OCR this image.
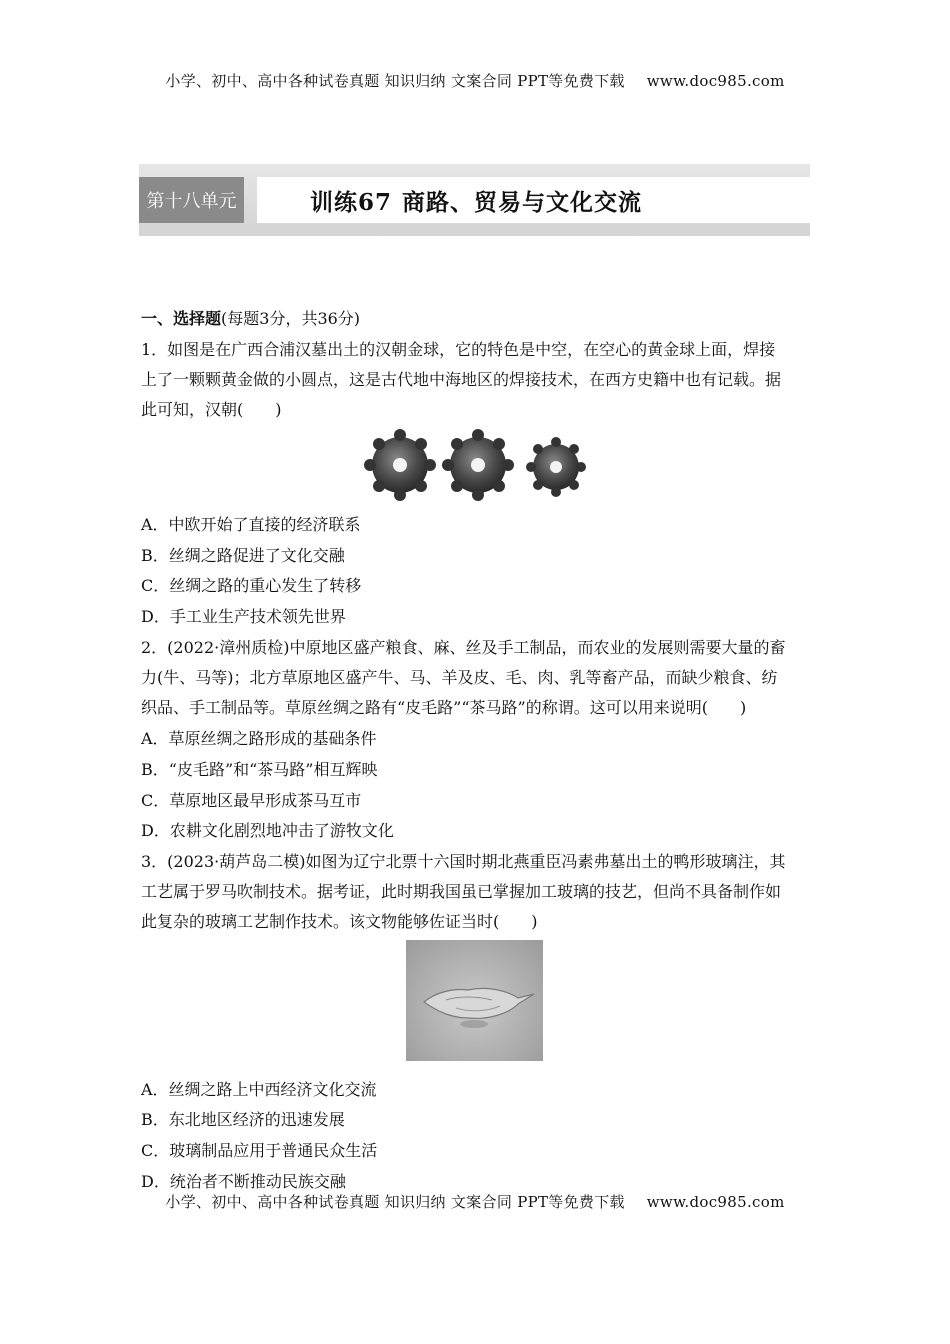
小学、初中、高中各种试卷真题 知识归纳 文案合同 PPT等免费下载 www.doc985.com
第十八单元	训练67 商路、贸易与文化交流
一、选择题(每题3分，共36分)
1．如图是在广西合浦汉墓出土的汉朝金球，它的特色是中空，在空心的黄金球上面，焊接
上了一颗颗黄金做的小圆点，这是古代地中海地区的焊接技术，在西方史籍中也有记载。据
此可知，汉朝(　　)
A．中欧开始了直接的经济联系
B．丝绸之路促进了文化交融
C．丝绸之路的重心发生了转移
D．手工业生产技术领先世界
2．(2022·漳州质检)中原地区盛产粮食、麻、丝及手工制品，而农业的发展则需要大量的畜
力(牛、马等)；北方草原地区盛产牛、马、羊及皮、毛、肉、乳等畜产品，而缺少粮食、纺
织品、手工制品等。草原丝绸之路有“皮毛路”“茶马路”的称谓。这可以用来说明(　　)
A．草原丝绸之路形成的基础条件
B．“皮毛路”和“茶马路”相互辉映
C．草原地区最早形成茶马互市
D．农耕文化剧烈地冲击了游牧文化
3．(2023·葫芦岛二模)如图为辽宁北票十六国时期北燕重臣冯素弗墓出土的鸭形玻璃注，其
工艺属于罗马吹制技术。据考证，此时期我国虽已掌握加工玻璃的技艺，但尚不具备制作如
此复杂的玻璃工艺制作技术。该文物能够佐证当时(　　)
A．丝绸之路上中西经济文化交流
B．东北地区经济的迅速发展
C．玻璃制品应用于普通民众生活
D．统治者不断推动民族交融
小学、初中、高中各种试卷真题 知识归纳 文案合同 PPT等免费下载 www.doc985.com
